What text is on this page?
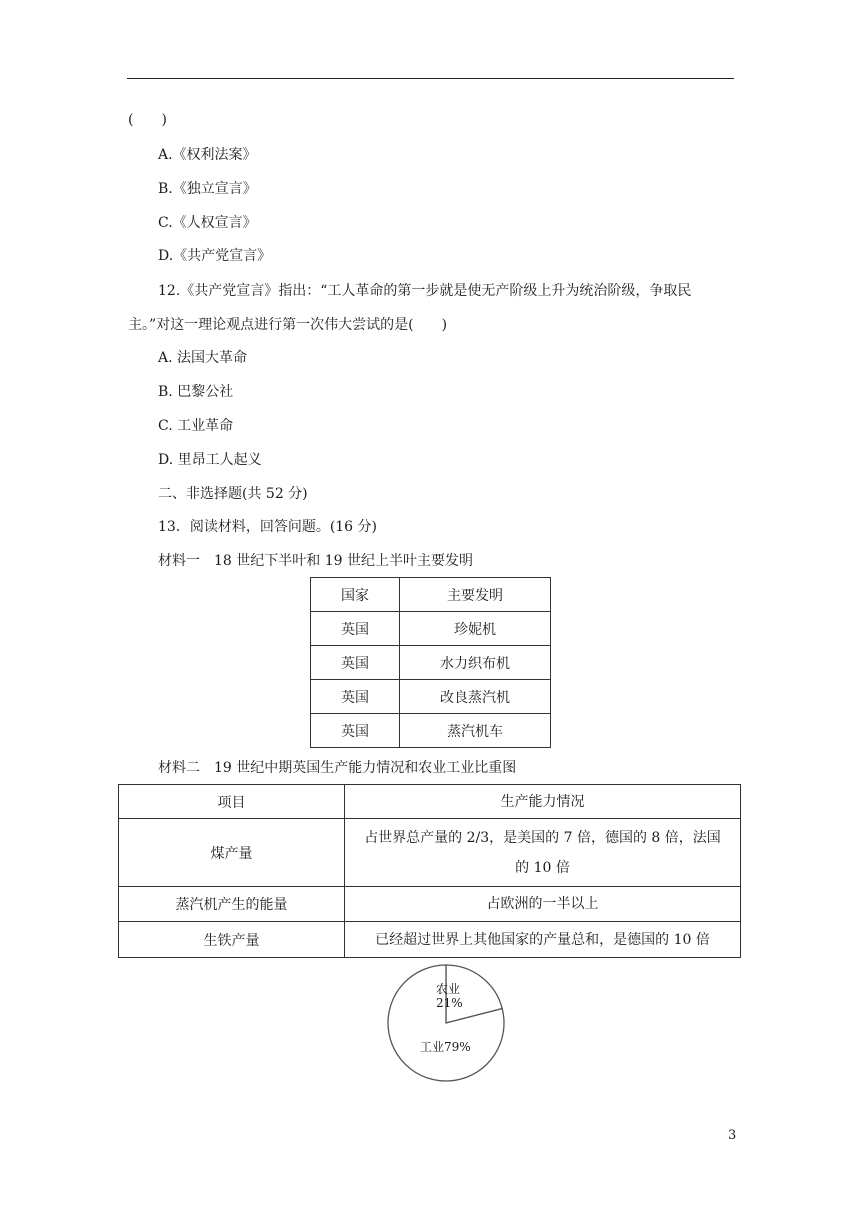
(　　)
A.《权利法案》
B.《独立宣言》
C.《人权宣言》
D.《共产党宣言》
12.《共产党宣言》指出：“工人革命的第一步就是使无产阶级上升为统治阶级，争取民
主。”对这一理论观点进行第一次伟大尝试的是(　　)
A. 法国大革命
B. 巴黎公社
C. 工业革命
D. 里昂工人起义
二、非选择题(共 52 分)
13．阅读材料，回答问题。(16 分)
材料一　18 世纪下半叶和 19 世纪上半叶主要发明
国家	主要发明
英国	珍妮机
英国	水力织布机
英国	改良蒸汽机
英国	蒸汽机车
材料二　19 世纪中期英国生产能力情况和农业工业比重图
项目	生产能力情况
煤产量	占世界总产量的 2/3，是美国的 7 倍，德国的 8 倍，法国
的 10 倍

蒸汽机产生的能量	占欧洲的一半以上
生铁产量	已经超过世界上其他国家的产量总和，是德国的 10 倍
农业
21%
工业79%
3
